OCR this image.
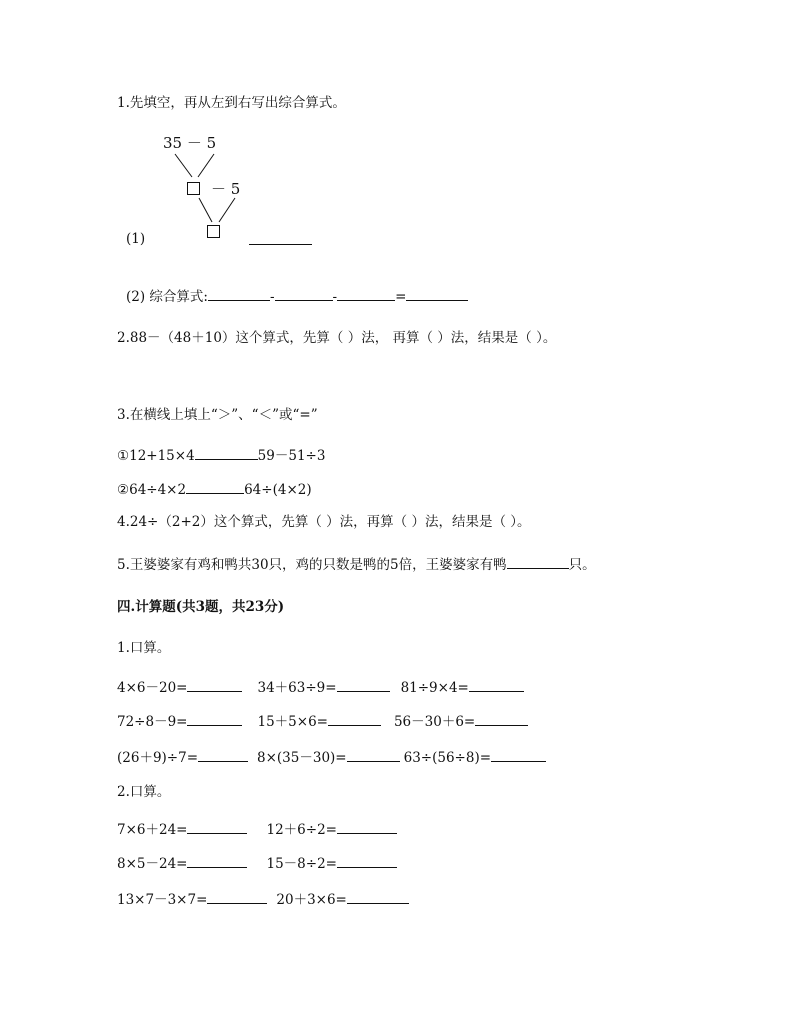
1.先填空，再从左到右写出综合算式。
35 － 5
－ 5
(1)
(2) 综合算式:	-	-	=
2.88－（48＋10）这个算式，先算（ ）法， 再算（ ）法，结果是（ ）。
3.在横线上填上“＞”、“＜”或“=”
①12+15×4	59－51÷3
②64÷4×2	64÷(4×2)
4.24÷（2+2）这个算式，先算（ ）法，再算（ ）法，结果是（ ）。
5.王婆婆家有鸡和鸭共30只，鸡的只数是鸭的5倍，王婆婆家有鸭	只。
四.计算题(共3题，共23分)
1.口算。
4×6－20=	34＋63÷9=	81÷9×4=
72÷8－9=	15＋5×6=	56－30＋6=
(26＋9)÷7=	8×(35－30)=	63÷(56÷8)=
2.口算。
7×6＋24=	12＋6÷2=
8×5－24=	15－8÷2=
13×7－3×7=	20＋3×6=
